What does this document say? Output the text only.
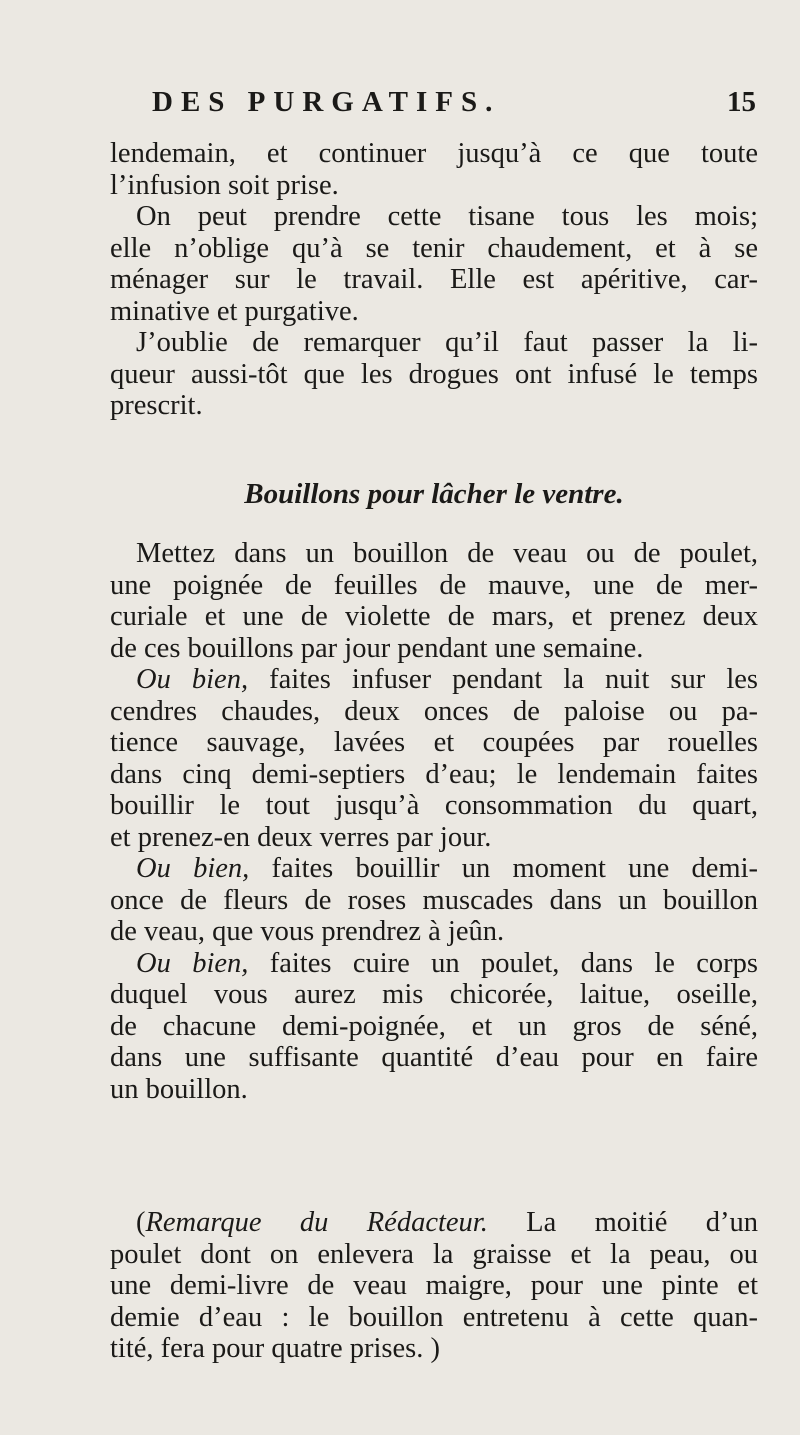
DES PURGATIFS.	15
lendemain, et continuer jusqu’à ce que toute
l’infusion soit prise.
On peut prendre cette tisane tous les mois;
elle n’oblige qu’à se tenir chaudement, et à se
ménager sur le travail. Elle est apéritive, car-
minative et purgative.
J’oublie de remarquer qu’il faut passer la li-
queur aussi-tôt que les drogues ont infusé le temps
prescrit.
Bouillons pour lâcher le ventre.
Mettez dans un bouillon de veau ou de poulet,
une poignée de feuilles de mauve, une de mer-
curiale et une de violette de mars, et prenez deux
de ces bouillons par jour pendant une semaine.
Ou bien, faites infuser pendant la nuit sur les
cendres chaudes, deux onces de paloise ou pa-
tience sauvage, lavées et coupées par rouelles
dans cinq demi-septiers d’eau; le lendemain faites
bouillir le tout jusqu’à consommation du quart,
et prenez-en deux verres par jour.
Ou bien, faites bouillir un moment une demi-
once de fleurs de roses muscades dans un bouillon
de veau, que vous prendrez à jeûn.
Ou bien, faites cuire un poulet, dans le corps
duquel vous aurez mis chicorée, laitue, oseille,
de chacune demi-poignée, et un gros de séné,
dans une suffisante quantité d’eau pour en faire
un bouillon.
(Remarque du Rédacteur. La moitié d’un
poulet dont on enlevera la graisse et la peau, ou
une demi-livre de veau maigre, pour une pinte et
demie d’eau : le bouillon entretenu à cette quan-
tité, fera pour quatre prises. )
